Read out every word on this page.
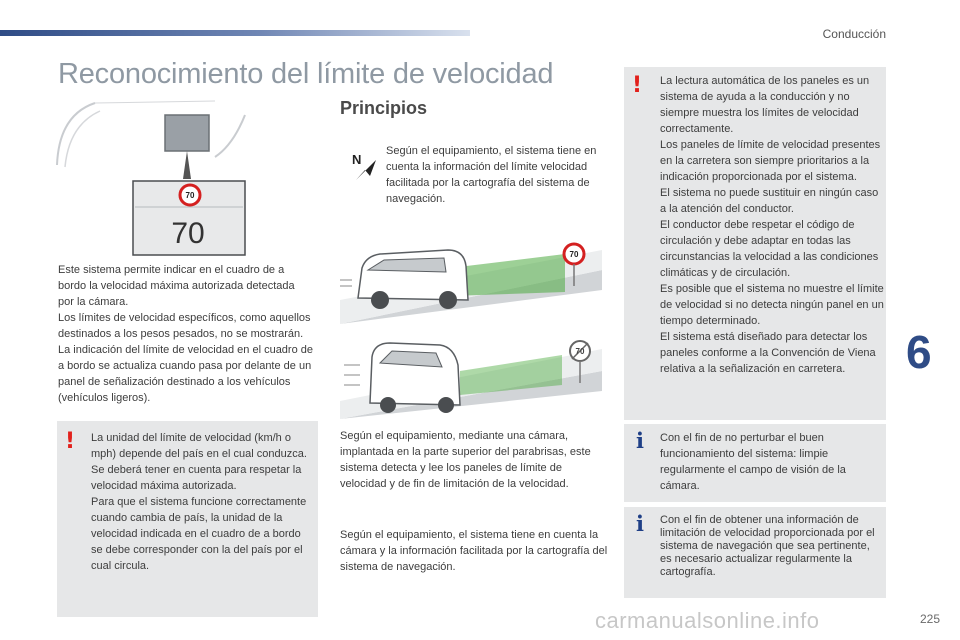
Conducción
Reconocimiento del límite de velocidad
Principios
70
70

Este sistema permite indicar en el cuadro de a bordo la velocidad máxima autorizada detectada por la cámara.

Los límites de velocidad específicos, como aquellos destinados a los pesos pesados, no se mostrarán.

La indicación del límite de velocidad en el cuadro de a bordo se actualiza cuando pasa por delante de un panel de señalización destinado a los vehículos (vehículos ligeros).

! La unidad del límite de velocidad (km/h o mph) depende del país en el cual conduzca.

Se deberá tener en cuenta para respetar la velocidad máxima autorizada.

Para que el sistema funcione correctamente cuando cambia de país, la unidad de la velocidad indicada en el cuadro de a bordo se debe corresponder con la del país por el cual circula.

N
Según el equipamiento, el sistema tiene en cuenta la información del límite velocidad facilitada por la cartografía del sistema de navegación.
70
70
Según el equipamiento, mediante una cámara, implantada en la parte superior del parabrisas, este sistema detecta y lee los paneles de límite de velocidad y de fin de limitación de la velocidad.
Según el equipamiento, el sistema tiene en cuenta la cámara y la información facilitada por la cartografía del sistema de navegación.
! La lectura automática de los paneles es un sistema de ayuda a la conducción y no siempre muestra los límites de velocidad correctamente.

Los paneles de límite de velocidad presentes en la carretera son siempre prioritarios a la indicación proporcionada por el sistema.

El sistema no puede sustituir en ningún caso a la atención del conductor.

El conductor debe respetar el código de circulación y debe adaptar en todas las circunstancias la velocidad a las condiciones climáticas y de circulación.

Es posible que el sistema no muestre el límite de velocidad si no detecta ningún panel en un tiempo determinado.

El sistema está diseñado para detectar los paneles conforme a la Convención de Viena relativa a la señalización en carretera.

i Con el fin de no perturbar el buen funcionamiento del sistema: limpie regularmente el campo de visión de la cámara.
i Con el fin de obtener una información de limitación de velocidad proporcionada por el sistema de navegación que sea pertinente, es necesario actualizar regularmente la cartografía.
6
carmanualsonline.info	225
